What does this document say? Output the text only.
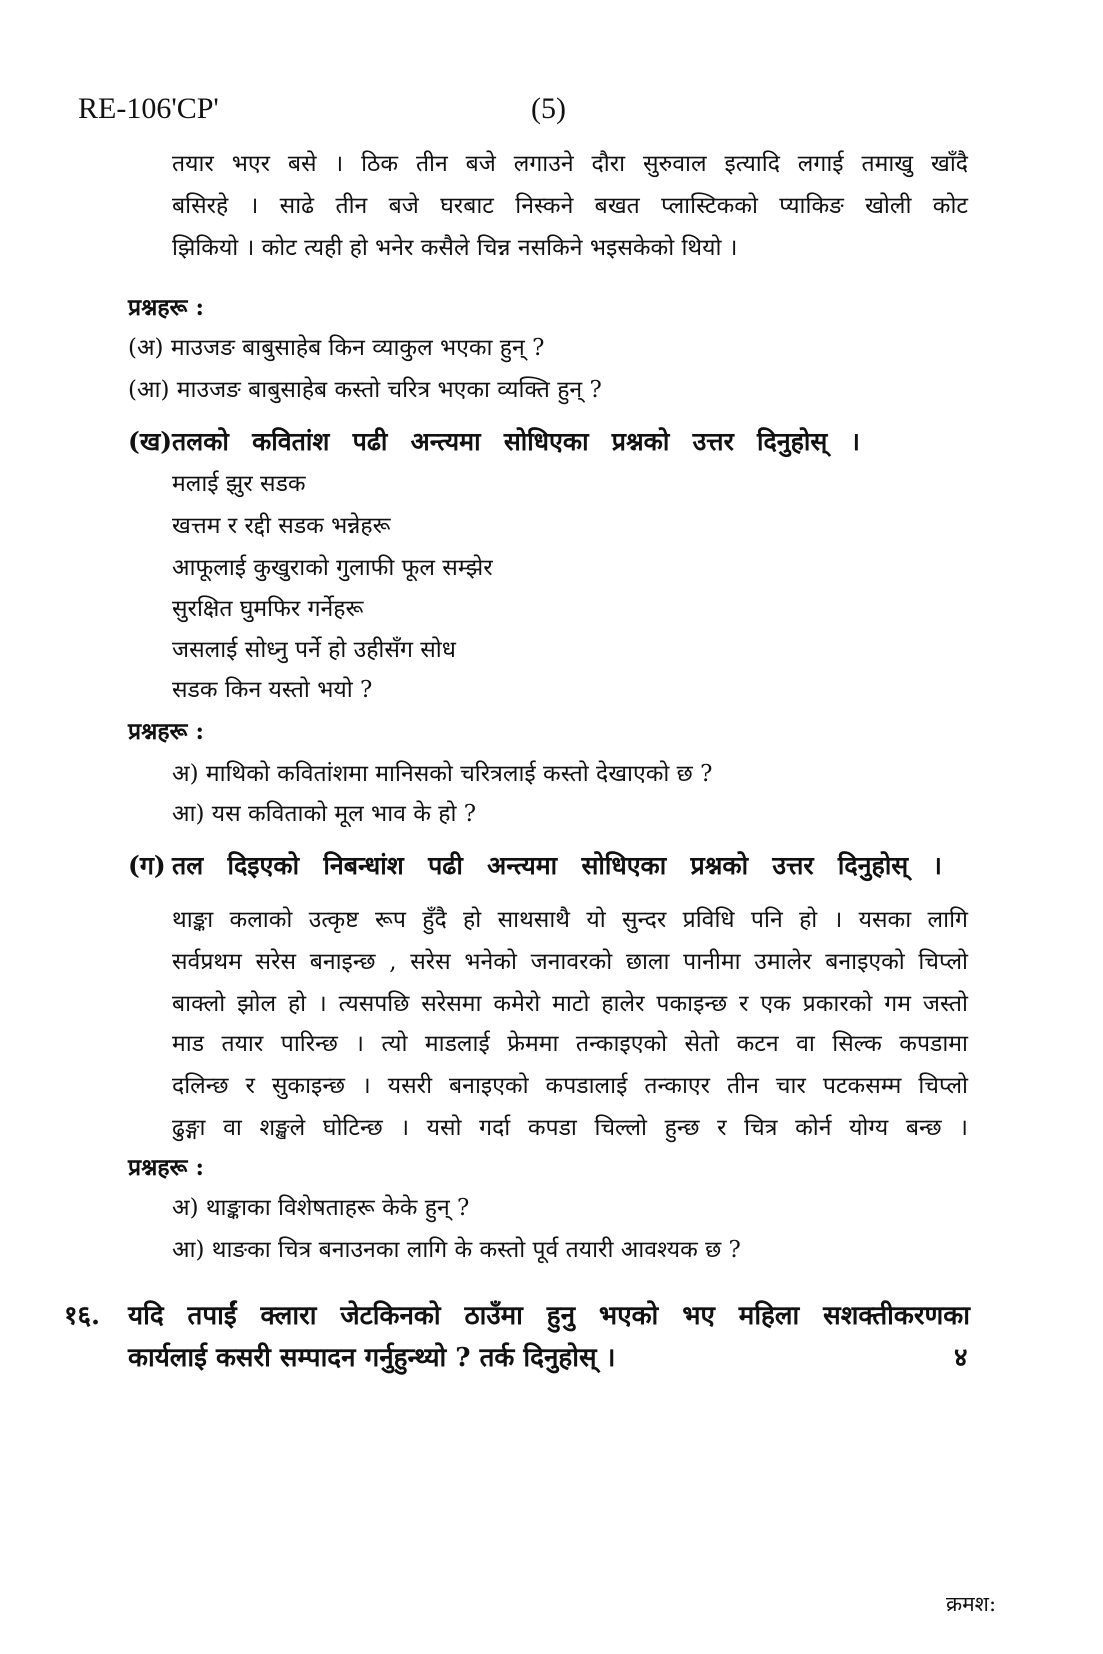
RE-106'CP'	(5)
तयार भएर बसे । ठिक तीन बजे लगाउने दौरा सुरुवाल इत्यादि लगाई तमाखु खाँदै
बसिरहे । साढे तीन बजे घरबाट निस्कने बखत प्लास्टिकको प्याकिङ खोली कोट
झिकियो । कोट त्यही हो भनेर कसैले चिन्न नसकिने भइसकेको थियो ।
प्रश्नहरू :
(अ) माउजङ बाबुसाहेब किन व्याकुल भएका हुन् ?
(आ) माउजङ बाबुसाहेब कस्तो चरित्र भएका व्यक्ति हुन् ?
(ख) तलको कवितांश पढी अन्त्यमा सोधिएका प्रश्नको उत्तर दिनुहोस् ।
मलाई झुर सडक
खत्तम र रद्दी सडक भन्नेहरू
आफूलाई कुखुराको गुलाफी फूल सम्झेर
सुरक्षित घुमफिर गर्नेहरू
जसलाई सोध्नु पर्ने हो उहीसँग सोध
सडक किन यस्तो भयो ?
प्रश्नहरू :
अ) माथिको कवितांशमा मानिसको चरित्रलाई कस्तो देखाएको छ ?
आ) यस कविताको मूल भाव के हो ?
(ग) तल दिइएको निबन्धांश पढी अन्त्यमा सोधिएका प्रश्नको उत्तर दिनुहोस् ।
थाङ्का कलाको उत्कृष्ट रूप हुँदै हो साथसाथै यो सुन्दर प्रविधि पनि हो । यसका लागि
सर्वप्रथम सरेस बनाइन्छ , सरेस भनेको जनावरको छाला पानीमा उमालेर बनाइएको चिप्लो
बाक्लो झोल हो । त्यसपछि सरेसमा कमेरो माटो हालेर पकाइन्छ र एक प्रकारको गम जस्तो
माड तयार पारिन्छ । त्यो माडलाई फ्रेममा तन्काइएको सेतो कटन वा सिल्क कपडामा
दलिन्छ र सुकाइन्छ । यसरी बनाइएको कपडालाई तन्काएर तीन चार पटकसम्म चिप्लो
ढुङ्गा वा शङ्खले घोटिन्छ । यसो गर्दा कपडा चिल्लो हुन्छ र चित्र कोर्न योग्य बन्छ ।
प्रश्नहरू :
अ) थाङ्काका विशेषताहरू केके हुन् ?
आ) थाङका चित्र बनाउनका लागि के कस्तो पूर्व तयारी आवश्यक छ ?
१६. यदि तपाईं क्लारा जेटकिनको ठाउँमा हुनु भएको भए महिला सशक्तीकरणका
कार्यलाई कसरी सम्पादन गर्नुहुन्थ्यो ? तर्क दिनुहोस् ।	४
क्रमश:
